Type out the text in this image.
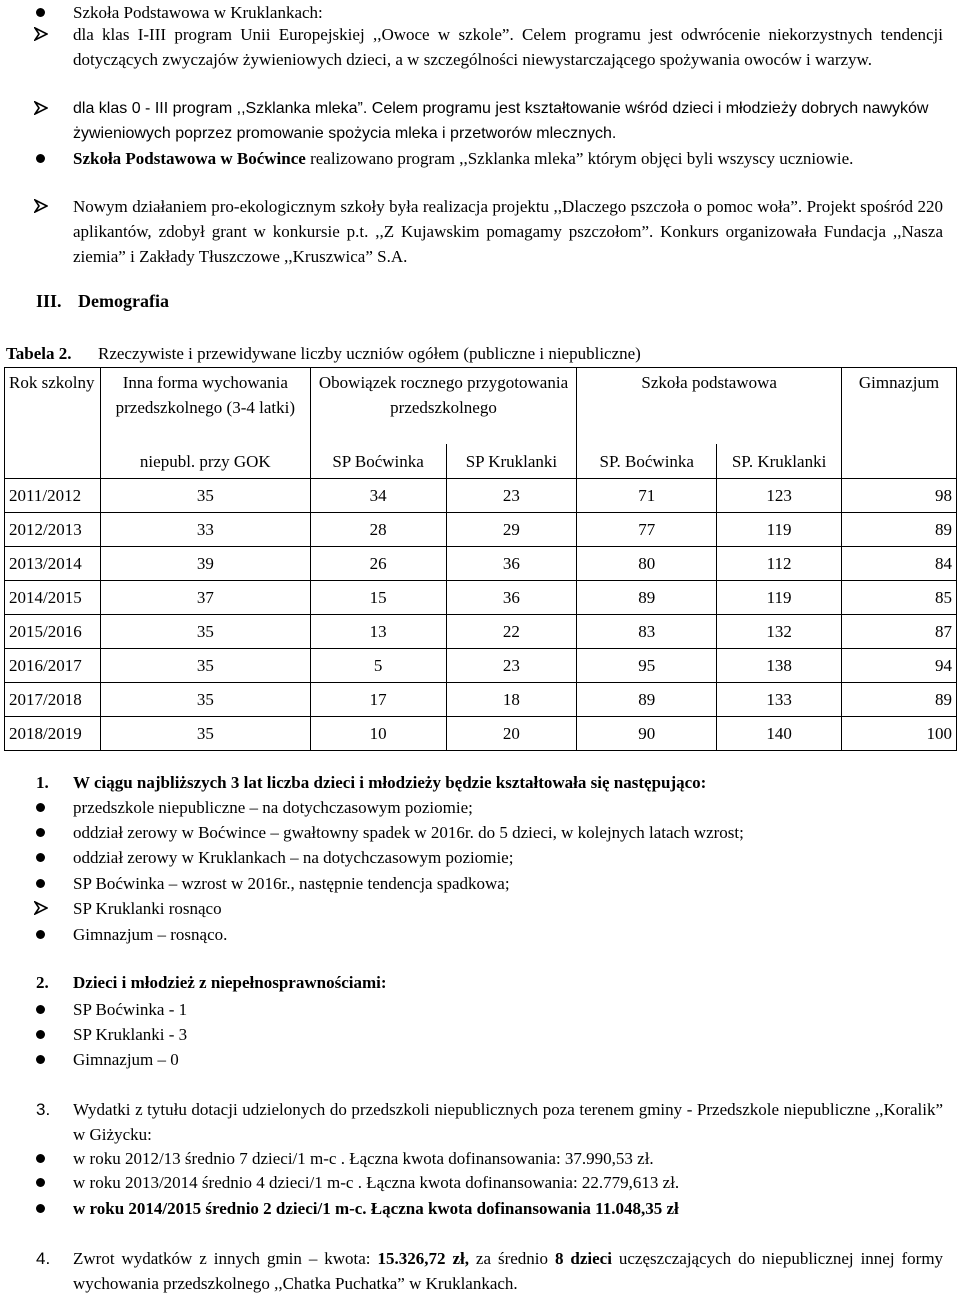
Szkoła Podstawowa w Kruklankach:
dla klas I-III program Unii Europejskiej ,,Owoce w szkole”. Celem programu jest odwrócenie niekorzystnych tendencji dotyczących zwyczajów żywieniowych dzieci, a w szczególności niewystarczającego spożywania owoców i warzyw.
dla klas 0 - III program ,,Szklanka mleka”. Celem programu jest kształtowanie wśród dzieci i młodzieży dobrych nawyków żywieniowych poprzez promowanie spożycia mleka i przetworów mlecznych.
Szkoła Podstawowa w Boćwince realizowano program ,,Szklanka mleka” którym objęci byli wszyscy uczniowie.
Nowym działaniem pro-ekologicznym szkoły była realizacja projektu ,,Dlaczego pszczoła o pomoc woła”. Projekt spośród 220 aplikantów, zdobył grant w konkursie p.t. ,,Z Kujawskim pomagamy pszczołom”. Konkurs organizowała Fundacja ,,Nasza ziemia” i Zakłady Tłuszczowe ,,Kruszwica” S.A.
III. Demografia
Tabela 2. Rzeczywiste i przewidywane liczby uczniów ogółem (publiczne i niepubliczne)
Rok szkolny	Inna forma wychowania przedszkolnego (3-4 latki)	Obowiązek rocznego przygotowania przedszkolnego		Szkoła podstawowa		Gimnazjum
	niepubl. przy GOK	SP Boćwinka	SP Kruklanki	SP. Boćwinka	SP. Kruklanki	
2011/2012	35	34	23	71	123	98
2012/2013	33	28	29	77	119	89
2013/2014	39	26	36	80	112	84
2014/2015	37	15	36	89	119	85
2015/2016	35	13	22	83	132	87
2016/2017	35	5	23	95	138	94
2017/2018	35	17	18	89	133	89
2018/2019	35	10	20	90	140	100
1. W ciągu najbliższych 3 lat liczba dzieci i młodzieży będzie kształtowała się następująco:
przedszkole niepubliczne – na dotychczasowym poziomie;
oddział zerowy w Boćwince – gwałtowny spadek w 2016r. do 5 dzieci, w kolejnych latach wzrost;
oddział zerowy w Kruklankach – na dotychczasowym poziomie;
SP Boćwinka – wzrost w 2016r., następnie tendencja spadkowa;
SP Kruklanki rosnąco
Gimnazjum – rosnąco.
2. Dzieci i młodzież z niepełnosprawnościami:
SP Boćwinka - 1
SP Kruklanki - 3
Gimnazjum – 0
3. Wydatki z tytułu dotacji udzielonych do przedszkoli niepublicznych poza terenem gminy - Przedszkole niepubliczne ,,Koralik” w Giżycku:
w roku 2012/13 średnio 7 dzieci/1 m-c . Łączna kwota dofinansowania: 37.990,53 zł.
w roku 2013/2014 średnio 4 dzieci/1 m-c . Łączna kwota dofinansowania: 22.779,613 zł.
w roku 2014/2015 średnio 2 dzieci/1 m-c. Łączna kwota dofinansowania 11.048,35 zł
4. Zwrot wydatków z innych gmin – kwota: 15.326,72 zł, za średnio 8 dzieci uczęszczających do niepublicznej innej formy wychowania przedszkolnego ,,Chatka Puchatka” w Kruklankach.
